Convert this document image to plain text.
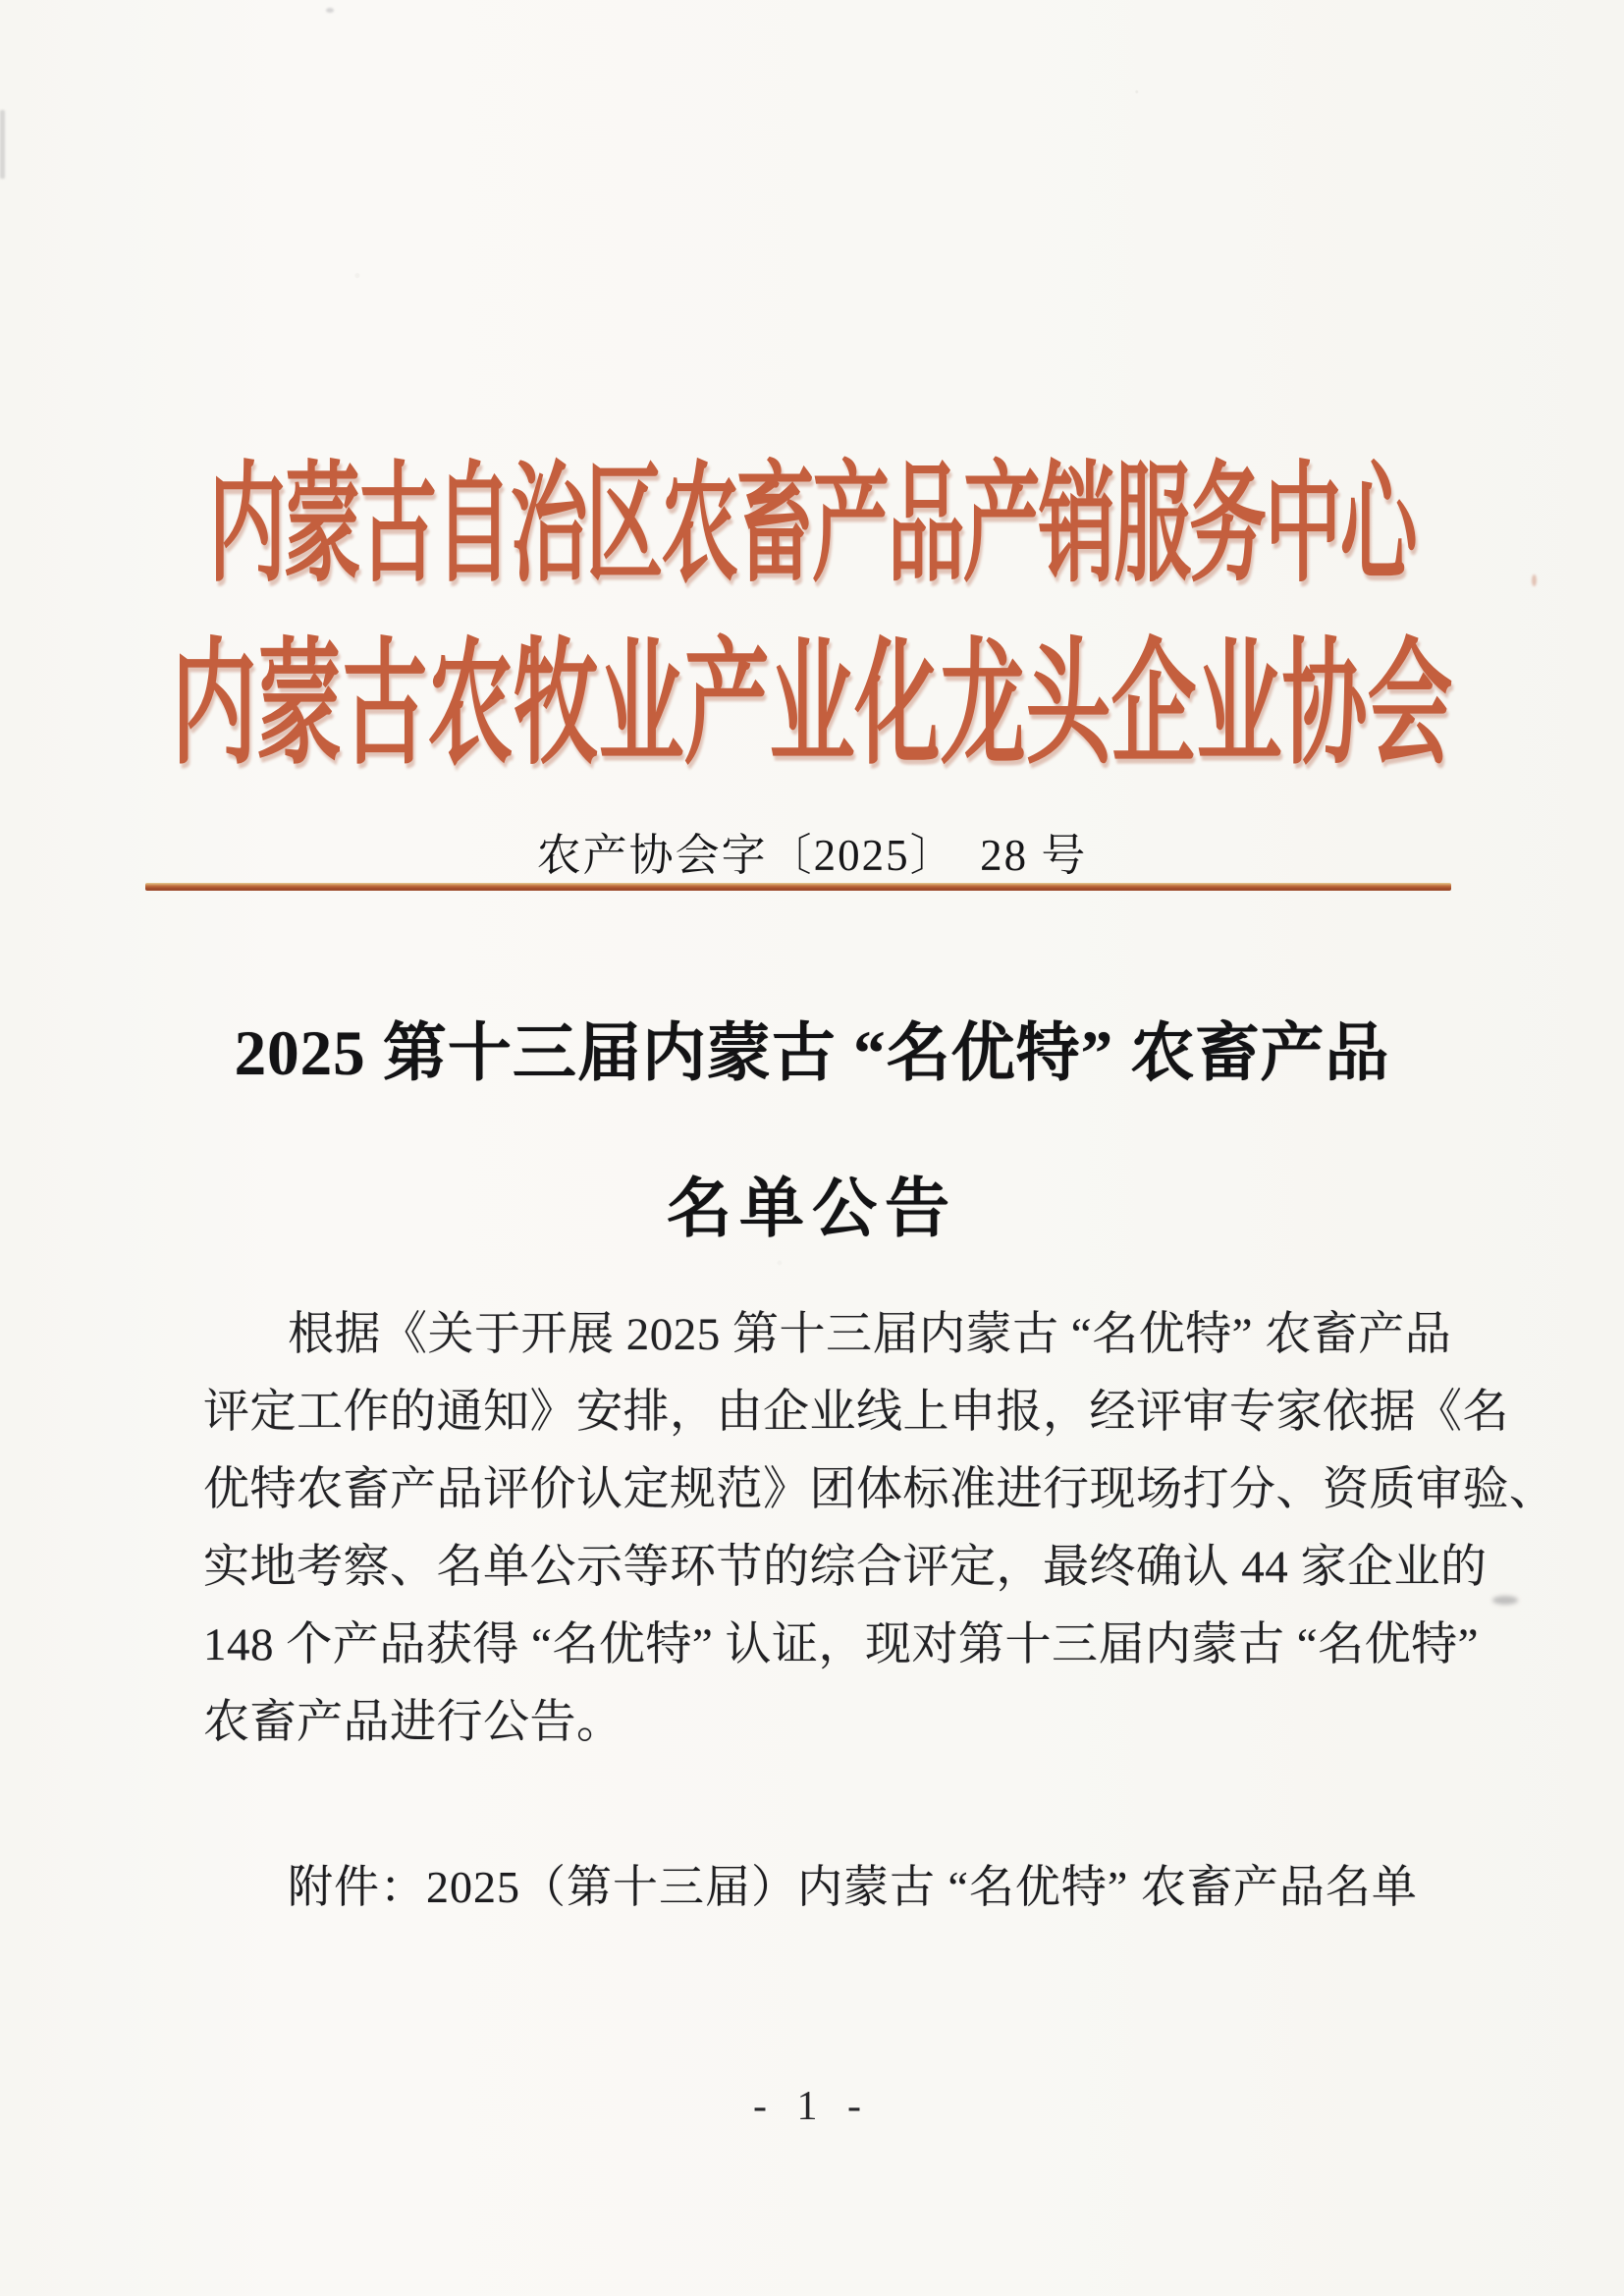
内蒙古自治区农畜产品产销服务中心
内蒙古农牧业产业化龙头企业协会
农产协会字〔2025〕　28 号
2025 第十三届内蒙古 “名优特” 农畜产品
名单公告
根据《关于开展 2025 第十三届内蒙古 “名优特” 农畜产品
评定工作的通知》安排，由企业线上申报，经评审专家依据《名
优特农畜产品评价认定规范》团体标准进行现场打分、资质审验、
实地考察、名单公示等环节的综合评定，最终确认 44 家企业的
148 个产品获得 “名优特” 认证，现对第十三届内蒙古 “名优特”
农畜产品进行公告。
附件：2025（第十三届）内蒙古 “名优特” 农畜产品名单
- 1 -
